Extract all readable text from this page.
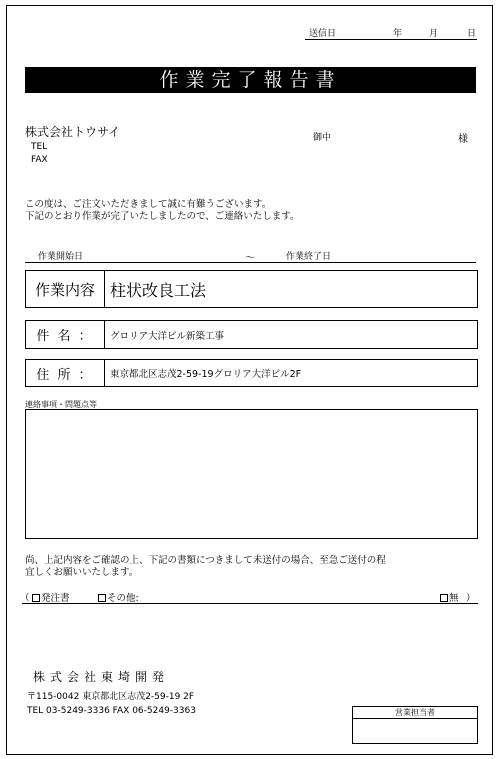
送信日	年	月	日
作業完了報告書
株式会社トウサイ
TEL
FAX
御中	様
この度は、ご注文いただきまして誠に有難うございます。
下記のとおり作業が完了いたしましたので、ご連絡いたします。
作業開始日	～	作業終了日
作業内容 柱状改良工法
件 名 ：	グロリア大洋ビル新築工事
住 所 ：	東京都北区志茂2-59-19グロリア大洋ビル2F
連絡事項・問題点等
尚、上記内容をご確認の上、下記の書類につきまして未送付の場合、至急ご送付の程
宜しくお願いいたします。
（	発注書	その他:	無 ）
株式会社東埼開発
〒115-0042 東京都北区志茂2-59-19 2F
TEL 03-5249-3336 FAX 06-5249-3363	営業担当者
